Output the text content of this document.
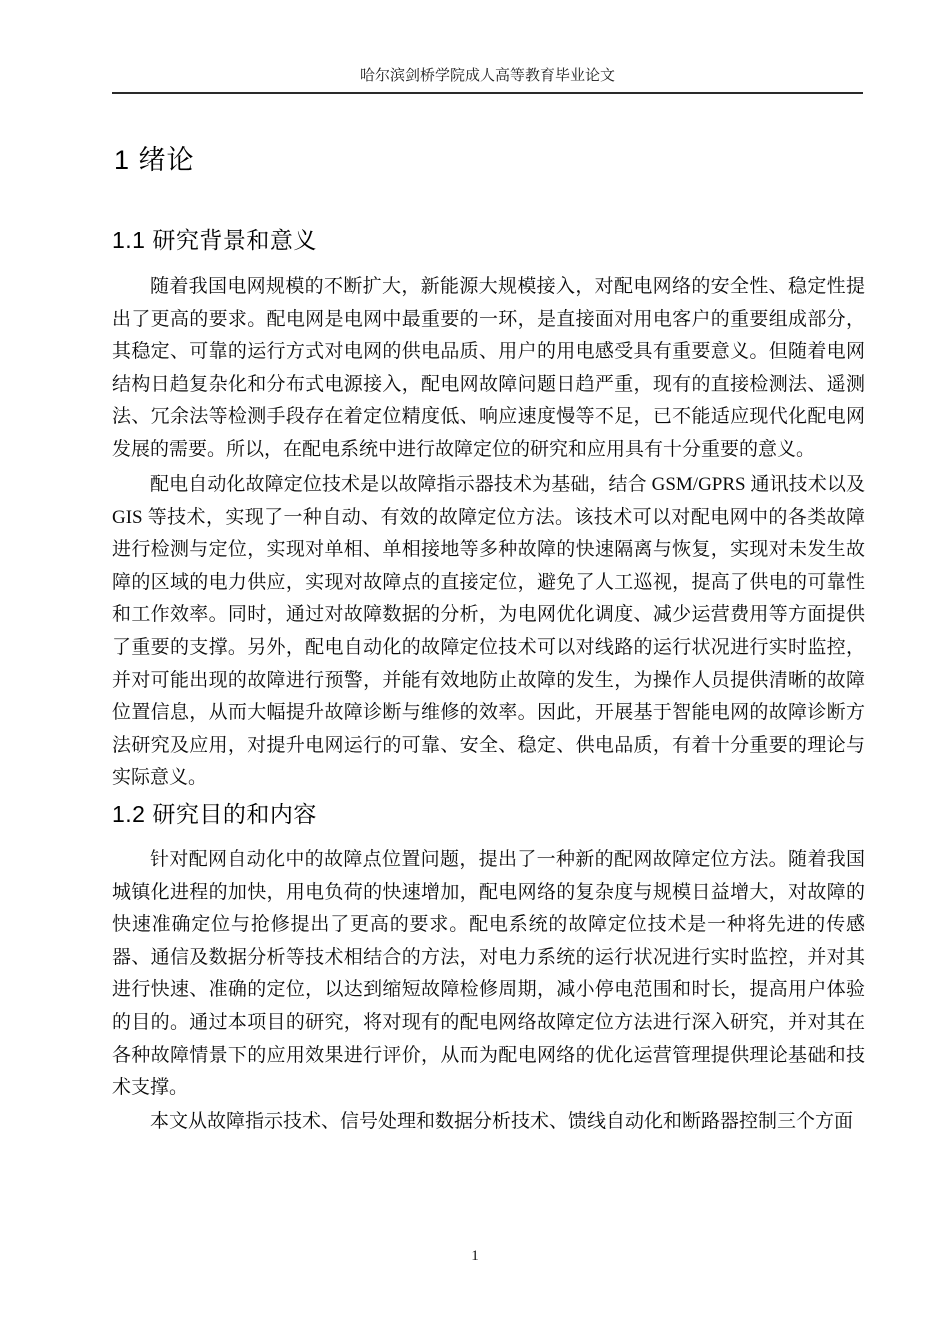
哈尔滨剑桥学院成人高等教育毕业论文
1 绪论
1.1 研究背景和意义

随着我国电网规模的不断扩大，新能源大规模接入，对配电网络的安全性、稳定性提出了更高的要求。配电网是电网中最重要的一环，是直接面对用电客户的重要组成部分，其稳定、可靠的运行方式对电网的供电品质、用户的用电感受具有重要意义。但随着电网结构日趋复杂化和分布式电源接入，配电网故障问题日趋严重，现有的直接检测法、遥测法、冗余法等检测手段存在着定位精度低、响应速度慢等不足，已不能适应现代化配电网发展的需要。所以，在配电系统中进行故障定位的研究和应用具有十分重要的意义。

配电自动化故障定位技术是以故障指示器技术为基础，结合 GSM/GPRS 通讯技术以及 GIS 等技术，实现了一种自动、有效的故障定位方法。该技术可以对配电网中的各类故障进行检测与定位，实现对单相、单相接地等多种故障的快速隔离与恢复，实现对未发生故障的区域的电力供应，实现对故障点的直接定位，避免了人工巡视，提高了供电的可靠性和工作效率。同时，通过对故障数据的分析，为电网优化调度、减少运营费用等方面提供了重要的支撑。另外，配电自动化的故障定位技术可以对线路的运行状况进行实时监控，并对可能出现的故障进行预警，并能有效地防止故障的发生，为操作人员提供清晰的故障位置信息，从而大幅提升故障诊断与维修的效率。因此，开展基于智能电网的故障诊断方法研究及应用，对提升电网运行的可靠、安全、稳定、供电品质，有着十分重要的理论与实际意义。

1.2 研究目的和内容

针对配网自动化中的故障点位置问题，提出了一种新的配网故障定位方法。随着我国城镇化进程的加快，用电负荷的快速增加，配电网络的复杂度与规模日益增大，对故障的快速准确定位与抢修提出了更高的要求。配电系统的故障定位技术是一种将先进的传感器、通信及数据分析等技术相结合的方法，对电力系统的运行状况进行实时监控，并对其进行快速、准确的定位，以达到缩短故障检修周期，减小停电范围和时长，提高用户体验的目的。通过本项目的研究，将对现有的配电网络故障定位方法进行深入研究，并对其在各种故障情景下的应用效果进行评价，从而为配电网络的优化运营管理提供理论基础和技术支撑。

本文从故障指示技术、信号处理和数据分析技术、馈线自动化和断路器控制三个方面

1
